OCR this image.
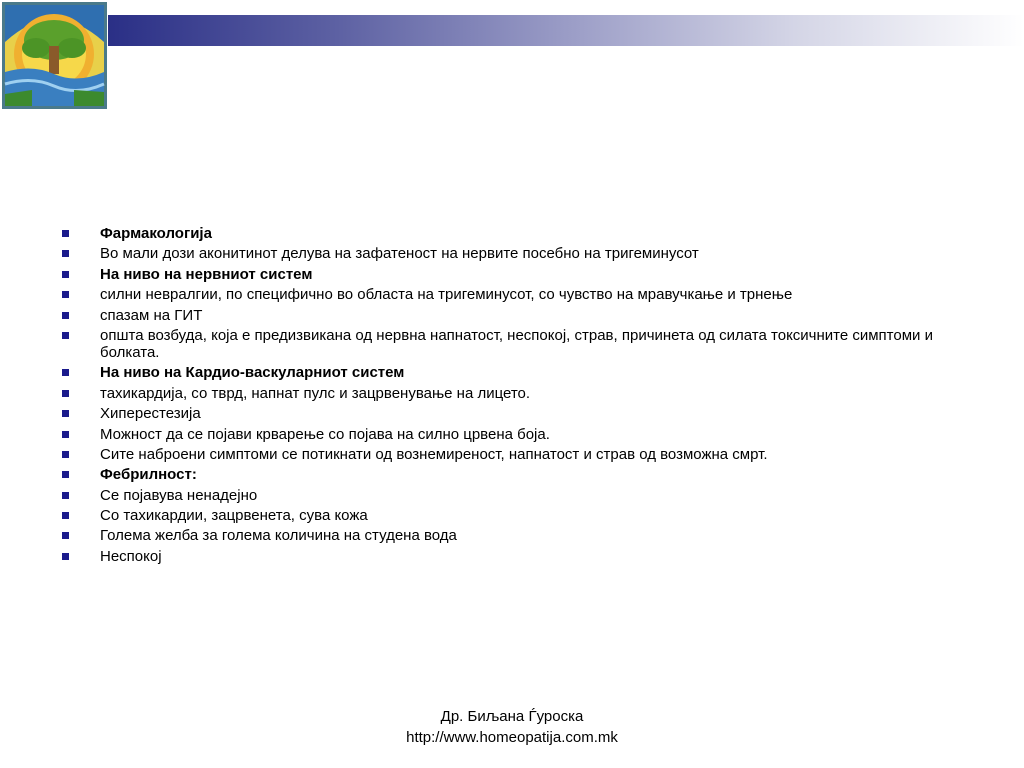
Фармакологија
Во мали дози аконитинот делува на зафатеност на нервите посебно на тригеминусот
На ниво на нервниот систем
силни невралгии, по специфично во областа на тригеминусот, со чувство на мравучкање и трнење
спазам на ГИТ
општа возбуда, која е предизвикана од нервна напнатост, неспокој, страв, причинета од силата токсичните симптоми и болката.
На ниво на Кардио-васкуларниот систем
тахикардија, со тврд, напнат пулс и зацрвенување на лицето.
Хиперестезија
Можност да се појави крварење со појава на силно црвена боја.
Сите наброени симптоми се потикнати од вознемиреност, напнатост и страв од возможна смрт.
Фебрилност:
Се појавува ненадејно
Со тахикардии, зацрвенета, сува кожа
Голема желба за голема количина на студена вода
Неспокој
Др. Биљана Ѓуроска
http://www.homeopatija.com.mk
